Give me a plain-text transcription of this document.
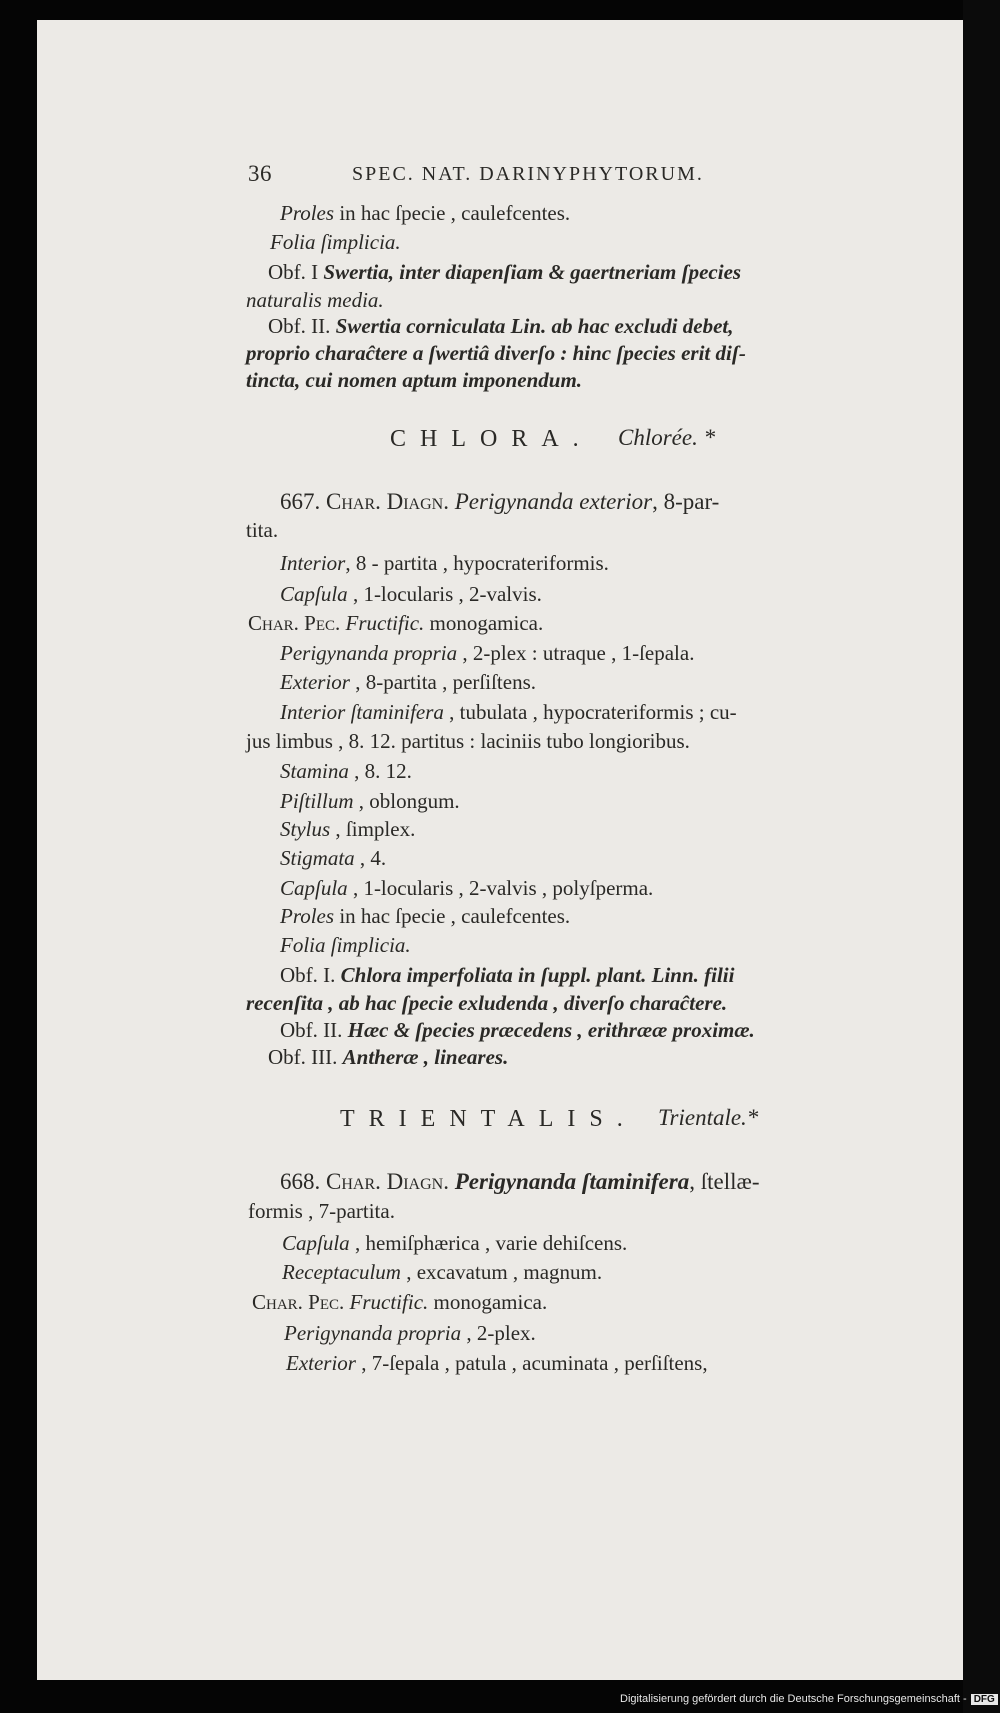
36	SPEC. NAT. DARINYPHYTORUM.
Proles in hac ſpecie , caulefcentes.
Folia ſimplicia.
Obf. I Swertia, inter diapenſiam & gaertneriam ſpecies
naturalis media.
Obf. II. Swertia corniculata Lin. ab hac excludi debet,
proprio charaĉtere a ſwertiâ diverſo : hinc ſpecies erit diſ-
tincta, cui nomen aptum imponendum.
CHLORA. Chlorée. *
667. Char. Diagn. Perigynanda exterior, 8-par-
tita.
Interior, 8 - partita , hypocrateriformis.
Capſula , 1-locularis , 2-valvis.
Char. Pec. Fructific. monogamica.
Perigynanda propria , 2-plex : utraque , 1-ſepala.
Exterior , 8-partita , perſiſtens.
Interior ſtaminifera , tubulata , hypocrateriformis ; cu-
jus limbus , 8. 12. partitus : laciniis tubo longioribus.
Stamina , 8. 12.
Piſtillum , oblongum.
Stylus , ſimplex.
Stigmata , 4.
Capſula , 1-locularis , 2-valvis , polyſperma.
Proles in hac ſpecie , caulefcentes.
Folia ſimplicia.
Obf. I. Chlora imperfoliata in ſuppl. plant. Linn. filii
recenſita , ab hac ſpecie exludenda , diverſo charaĉtere.
Obf. II. Hæc & ſpecies præcedens , erithrææ proximæ.
Obf. III. Antheræ , lineares.
TRIENTALIS. Trientale.*
668. Char. Diagn. Perigynanda ſtaminifera, ſtellæ-
formis , 7-partita.
Capſula , hemiſphærica , varie dehiſcens.
Receptaculum , excavatum , magnum.
Char. Pec. Fructific. monogamica.
Perigynanda propria , 2-plex.
Exterior , 7-ſepala , patula , acuminata , perſiſtens,
Digitalisierung gefördert durch die Deutsche Forschungsgemeinschaft - DFG
